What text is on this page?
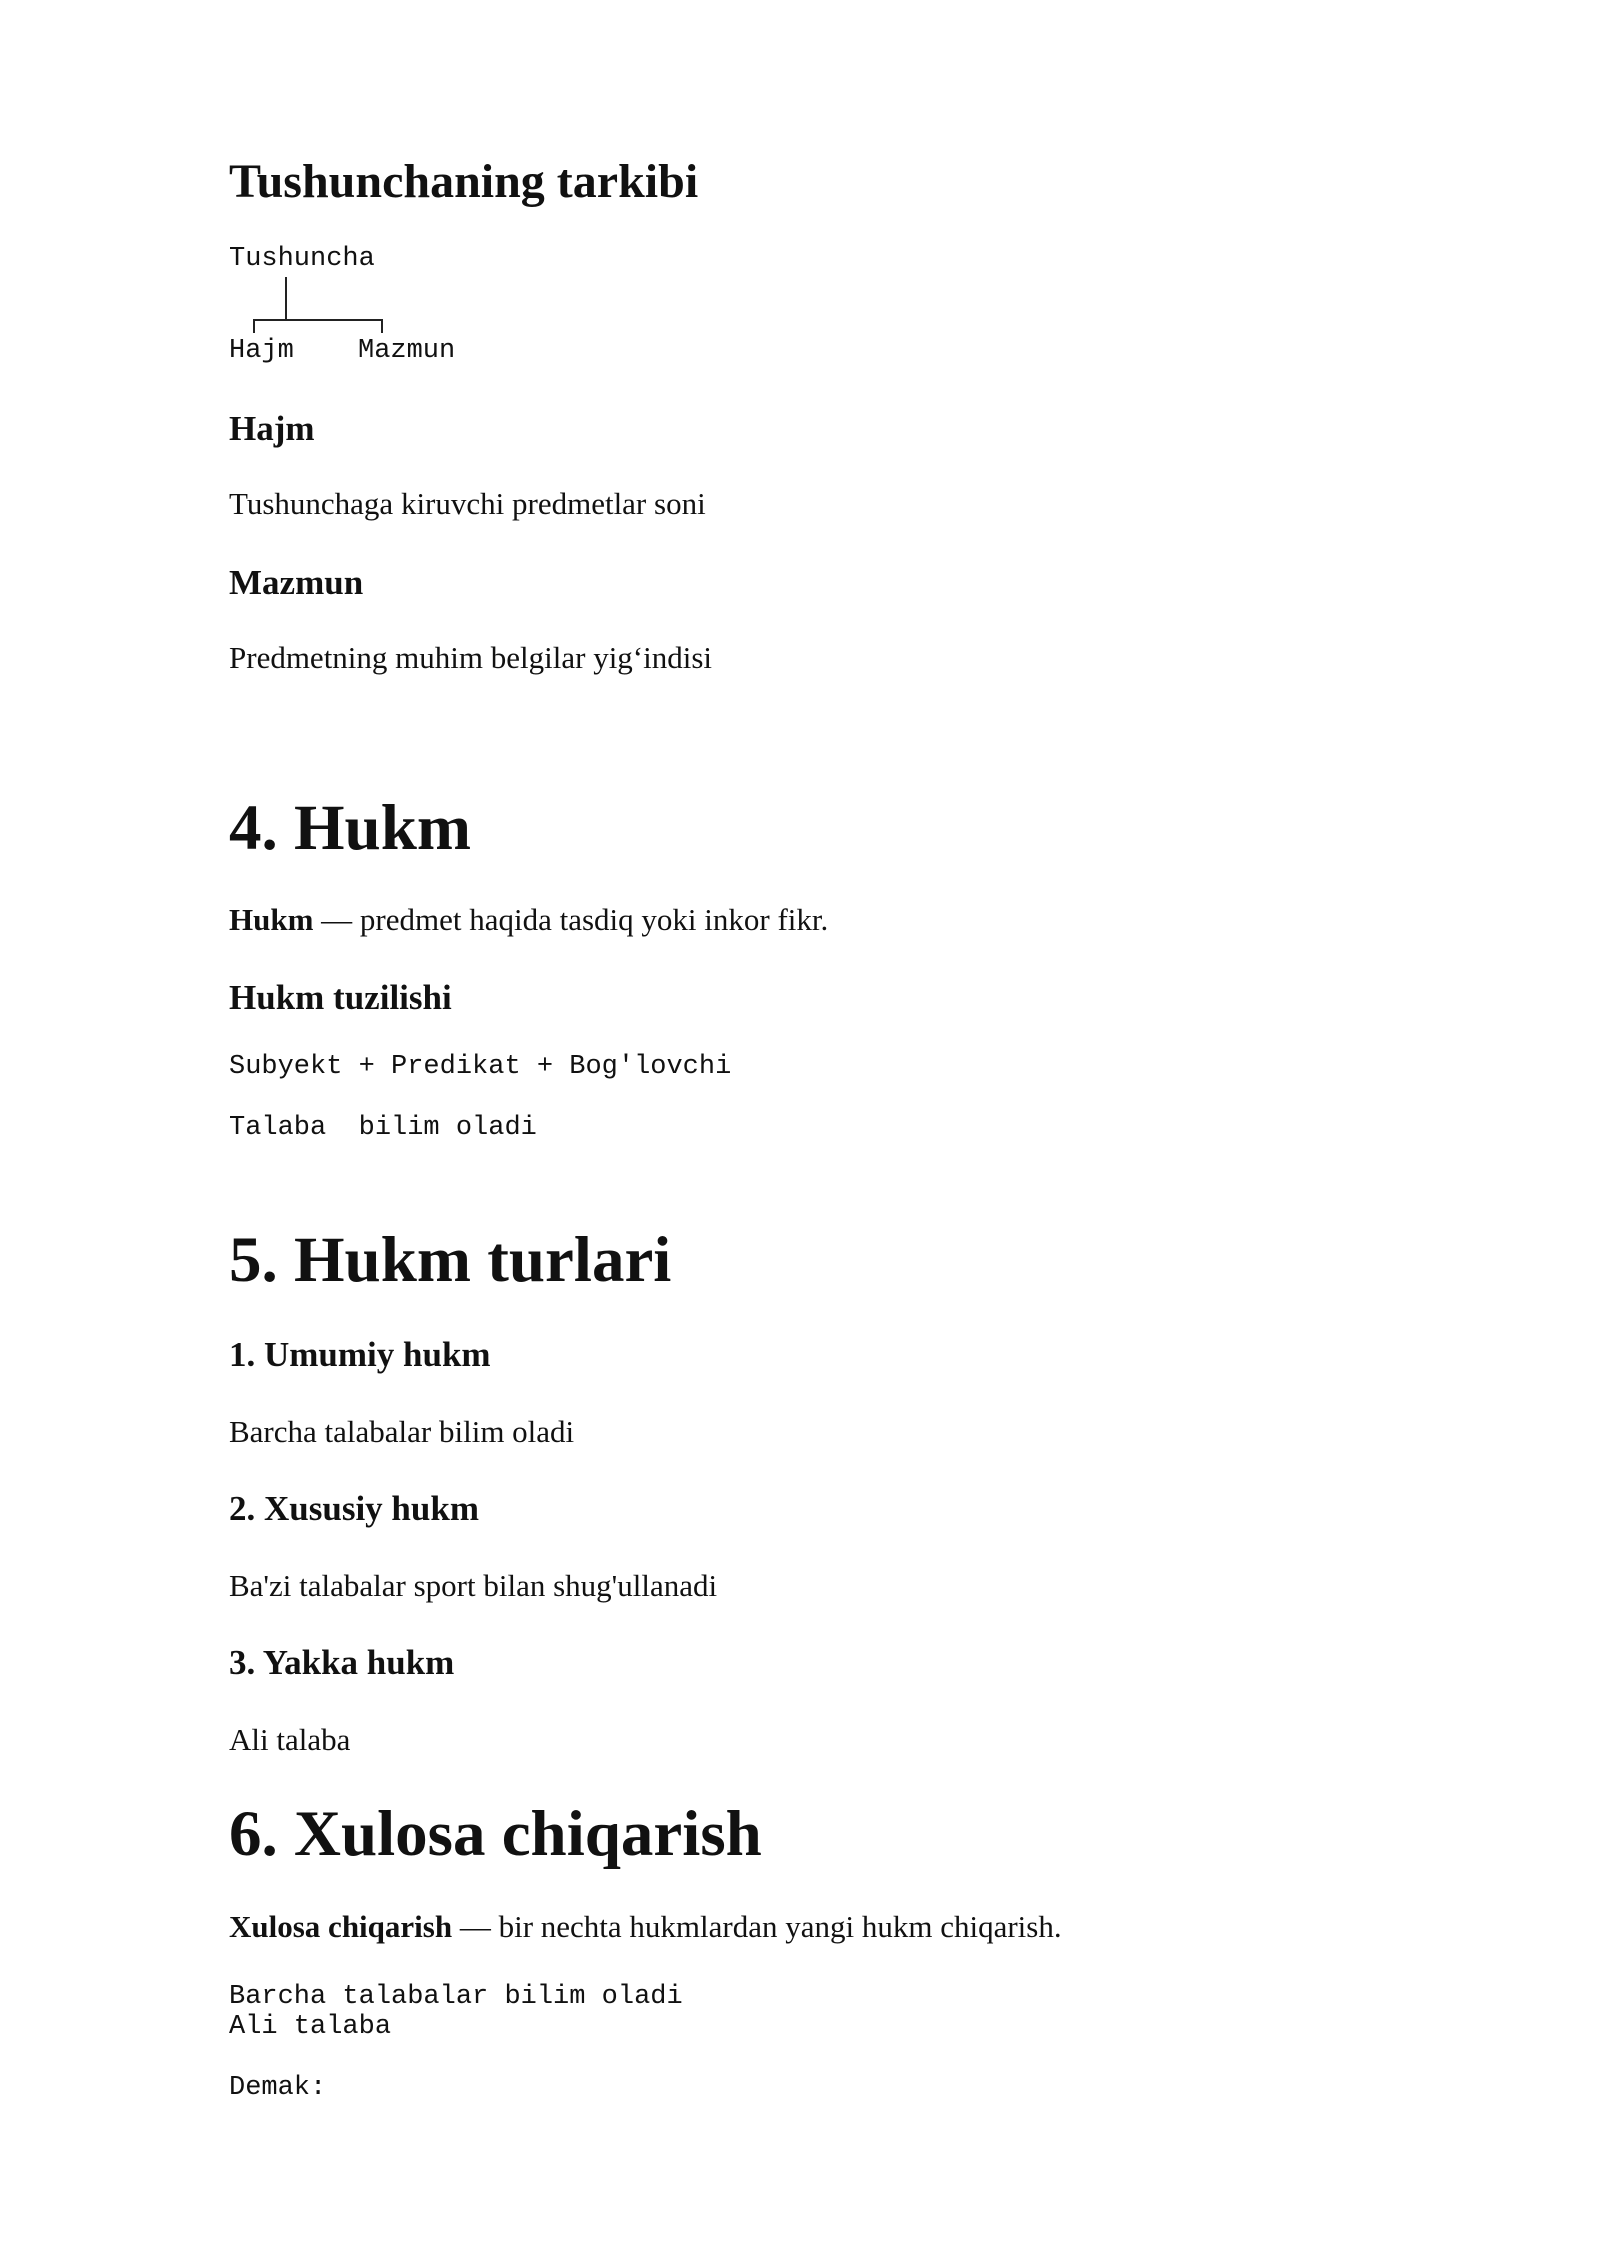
Tushunchaning tarkibi
Tushuncha
Hajm Mazmun
Hajm

Tushunchaga kiruvchi predmetlar soni

Mazmun

Predmetning muhim belgilar yig‘indisi

4. Hukm

Hukm — predmet haqida tasdiq yoki inkor fikr.

Hukm tuzilishi
Subyekt + Predikat + Bog'lovchi
Talaba  bilim oladi
5. Hukm turlari
1. Umumiy hukm

Barcha talabalar bilim oladi

2. Xususiy hukm

Ba'zi talabalar sport bilan shug'ullanadi

3. Yakka hukm

Ali talaba

6. Xulosa chiqarish

Xulosa chiqarish — bir nechta hukmlardan yangi hukm chiqarish.

Barcha talabalar bilim oladi
Ali talaba
Demak:
